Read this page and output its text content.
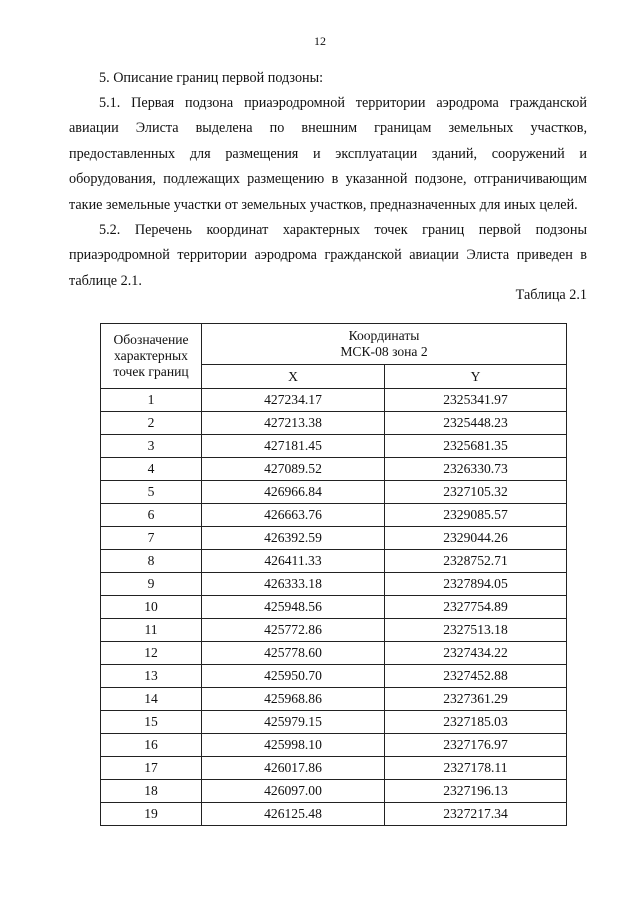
12
5. Описание границ первой подзоны:
5.1. Первая подзона приаэродромной территории аэродрома гражданской авиации Элиста выделена по внешним границам земельных участков, предоставленных для размещения и эксплуатации зданий, сооружений и оборудования, подлежащих размещению в указанной подзоне, отграничивающим такие земельные участки от земельных участков, предназначенных для иных целей.
5.2. Перечень координат характерных точек границ первой подзоны приаэродромной территории аэродрома гражданской авиации Элиста приведен в таблице 2.1.
Таблица 2.1
Обозначение
характерных
точек границ	Координаты
МСК-08 зона 2	

	X	Y
1	427234.17	2325341.97
2	427213.38	2325448.23
3	427181.45	2325681.35
4	427089.52	2326330.73
5	426966.84	2327105.32
6	426663.76	2329085.57
7	426392.59	2329044.26
8	426411.33	2328752.71
9	426333.18	2327894.05
10	425948.56	2327754.89
11	425772.86	2327513.18
12	425778.60	2327434.22
13	425950.70	2327452.88
14	425968.86	2327361.29
15	425979.15	2327185.03
16	425998.10	2327176.97
17	426017.86	2327178.11
18	426097.00	2327196.13
19	426125.48	2327217.34
